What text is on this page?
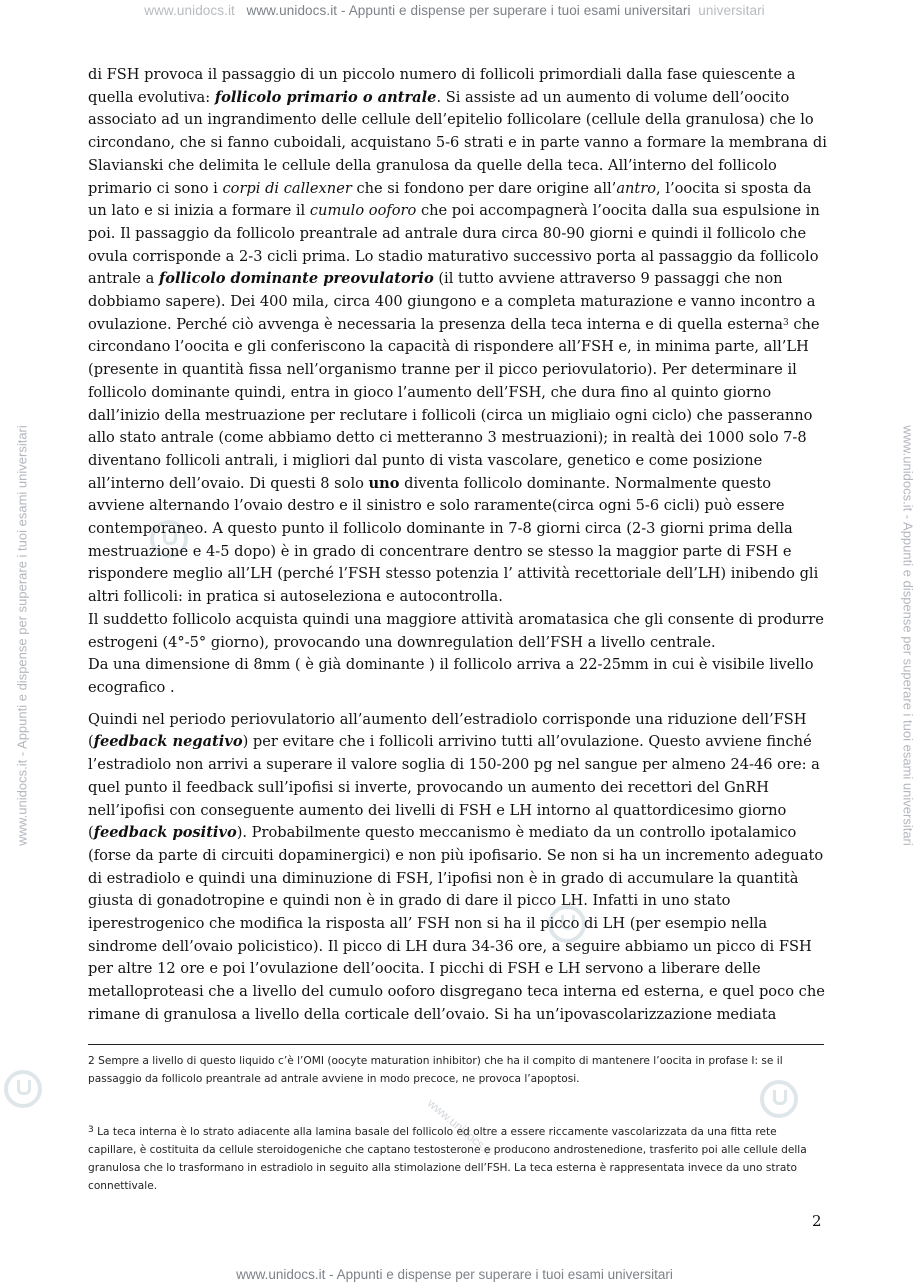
www.unidocs.it www.unidocs.it - Appunti e dispense per superare i tuoi esami universitari universitari
www.unidocs.it - Appunti e dispense per superare i tuoi esami universitari	www.unidocs.it - Appunti e dispense per superare i tuoi esami universitari
www.unidocs.it - Appunti e dispense per superare i tuoi esami universitari
www.unidocs.it

di FSH provoca il passaggio di un piccolo numero di follicoli primordiali dalla fase quiescente a quella evolutiva: follicolo primario o antrale. Si assiste ad un aumento di volume dell’oocito associato ad un ingrandimento delle cellule dell’epitelio follicolare (cellule della granulosa) che lo circondano, che si fanno cuboidali, acquistano 5-6 strati e in parte vanno a formare la membrana di Slavianski che delimita le cellule della granulosa da quelle della teca. All’interno del follicolo primario ci sono i corpi di callexner che si fondono per dare origine all’antro, l’oocita si sposta da un lato e si inizia a formare il cumulo ooforo che poi accompagnerà l’oocita dalla sua espulsione in poi. Il passaggio da follicolo preantrale ad antrale dura circa 80-90 giorni e quindi il follicolo che ovula corrisponde a 2-3 cicli prima. Lo stadio maturativo successivo porta al passaggio da follicolo antrale a follicolo dominante preovulatorio (il tutto avviene attraverso 9 passaggi che non dobbiamo sapere). Dei 400 mila, circa 400 giungono e a completa maturazione e vanno incontro a ovulazione. Perché ciò avvenga è necessaria la presenza della teca interna e di quella esterna$^3$ che circondano l’oocita e gli conferiscono la capacità di rispondere all’FSH e, in minima parte, all’LH (presente in quantità fissa nell’organismo tranne per il picco periovulatorio). Per determinare il follicolo dominante quindi, entra in gioco l’aumento dell’FSH, che dura fino al quinto giorno dall’inizio della mestruazione per reclutare i follicoli (circa un migliaio ogni ciclo) che passeranno allo stato antrale (come abbiamo detto ci metteranno 3 mestruazioni); in realtà dei 1000 solo 7-8 diventano follicoli antrali, i migliori dal punto di vista vascolare, genetico e come posizione all’interno dell’ovaio. Di questi 8 solo uno diventa follicolo dominante. Normalmente questo avviene alternando l’ovaio destro e il sinistro e solo raramente(circa ogni 5-6 cicli) può essere contemporaneo. A questo punto il follicolo dominante in 7-8 giorni circa (2-3 giorni prima della mestruazione e 4-5 dopo) è in grado di concentrare dentro se stesso la maggior parte di FSH e rispondere meglio all’LH (perché l’FSH stesso potenzia l’ attività recettoriale dell’LH) inibendo gli altri follicoli: in pratica si autoseleziona e autocontrolla.

Il suddetto follicolo acquista quindi una maggiore attività aromatasica che gli consente di produrre estrogeni (4°-5° giorno), provocando una downregulation dell’FSH a livello centrale.

Da una dimensione di 8mm ( è già dominante ) il follicolo arriva a 22-25mm in cui è visibile livello ecografico .

Quindi nel periodo periovulatorio all’aumento dell’estradiolo corrisponde una riduzione dell’FSH (feedback negativo) per evitare che i follicoli arrivino tutti all’ovulazione. Questo avviene finché l’estradiolo non arrivi a superare il valore soglia di 150-200 pg nel sangue per almeno 24-46 ore: a quel punto il feedback sull’ipofisi si inverte, provocando un aumento dei recettori del GnRH nell’ipofisi con conseguente aumento dei livelli di FSH e LH intorno al quattordicesimo giorno (feedback positivo). Probabilmente questo meccanismo è mediato da un controllo ipotalamico (forse da parte di circuiti dopaminergici) e non più ipofisario. Se non si ha un incremento adeguato di estradiolo e quindi una diminuzione di FSH, l’ipofisi non è in grado di accumulare la quantità giusta di gonadotropine e quindi non è in grado di dare il picco LH. Infatti in uno stato iperestrogenico che modifica la risposta all’ FSH non si ha il picco di LH (per esempio nella sindrome dell’ovaio policistico). Il picco di LH dura 34-36 ore, a seguire abbiamo un picco di FSH per altre 12 ore e poi l’ovulazione dell’oocita. I picchi di FSH e LH servono a liberare delle metalloproteasi che a livello del cumulo ooforo disgregano teca interna ed esterna, e quel poco che rimane di granulosa a livello della corticale dell’ovaio. Si ha un’ipovascolarizzazione mediata

2 Sempre a livello di questo liquido c’è l’OMI (oocyte maturation inhibitor) che ha il compito di mantenere l’oocita in profase I: se il passaggio da follicolo preantrale ad antrale avviene in modo precoce, ne provoca l’apoptosi.
$^3$ La teca interna è lo strato adiacente alla lamina basale del follicolo ed oltre a essere riccamente vascolarizzata da una fitta rete capillare, è costituita da cellule steroidogeniche che captano testosterone e producono androstenedione, trasferito poi alle cellule della granulosa che lo trasformano in estradiolo in seguito alla stimolazione dell’FSH. La teca esterna è rappresentata invece da uno strato connettivale.
2
